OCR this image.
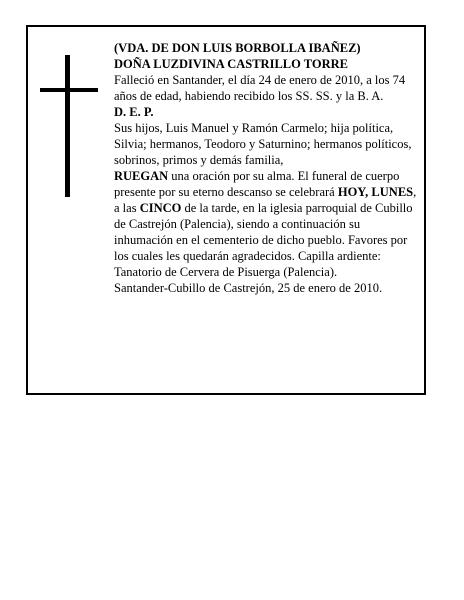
(VDA. DE DON LUIS BORBOLLA IBAÑEZ)

DOÑA LUZDIVINA CASTRILLO TORRE

Falleció en Santander, el día 24 de enero de 2010, a los 74 años de edad, habiendo recibido los SS. SS. y la B. A.

D. E. P.

Sus hijos, Luis Manuel y Ramón Carmelo; hija política, Silvia; hermanos, Teodoro y Saturnino; hermanos políticos, sobrinos, primos y demás familia,

RUEGAN una oración por su alma. El funeral de cuerpo presente por su eterno descanso se celebrará HOY, LUNES, a las CINCO de la tarde, en la iglesia parroquial de Cubillo de Castrejón (Palencia), siendo a continuación su inhumación en el cementerio de dicho pueblo. Favores por los cuales les quedarán agradecidos. Capilla ardiente: Tanatorio de Cervera de Pisuerga (Palencia).

Santander-Cubillo de Castrejón, 25 de enero de 2010.
